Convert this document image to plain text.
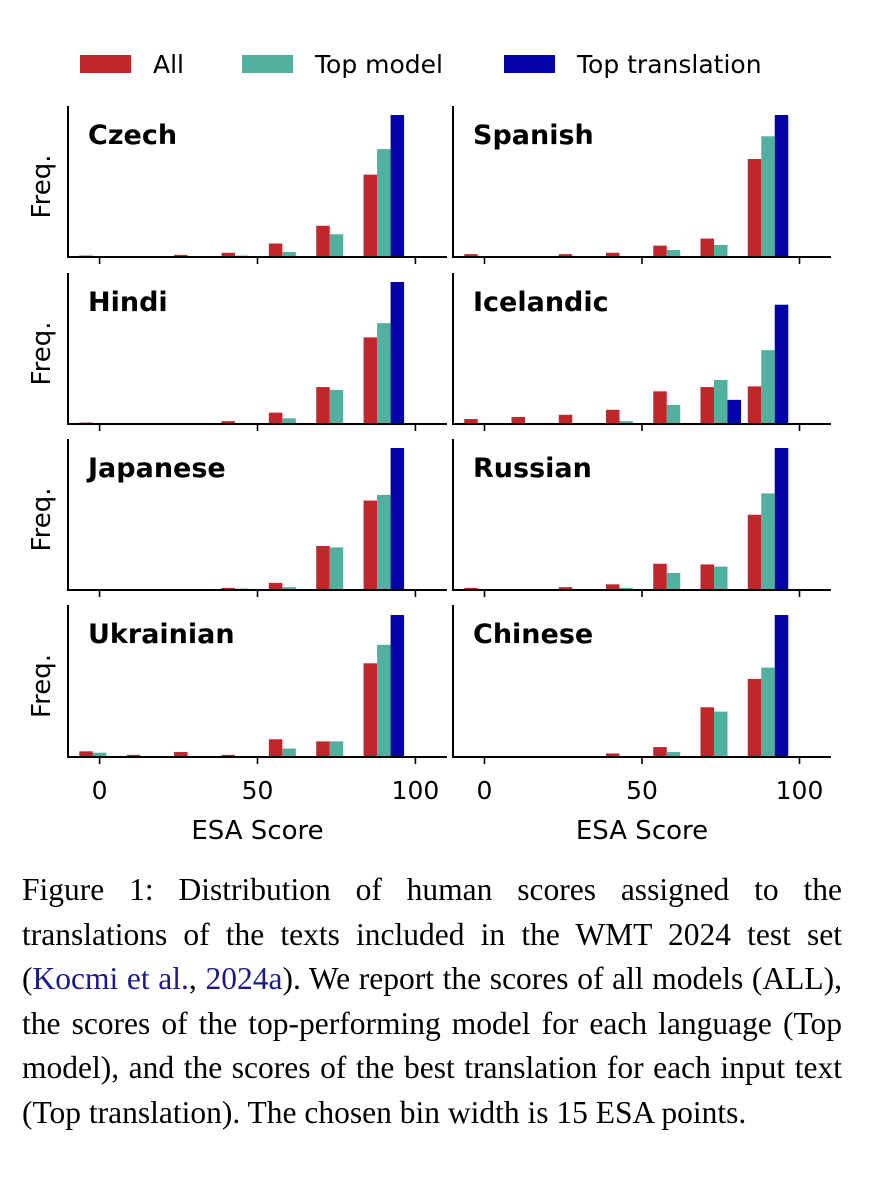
All	Top model	Top translation
Czech
Freq.
Spanish
Hindi
Freq.
Icelandic
Japanese
Freq.
Russian
Ukrainian
Freq.
Chinese
0	50	100
ESA Score
0	50	100
ESA Score

Figure 1: Distribution of human scores assigned to the translations of the texts included in the WMT 2024 test set (Kocmi et al., 2024a). We report the scores of all models (ALL), the scores of the top-performing model for each language (Top model), and the scores of the best translation for each input text (Top translation). The chosen bin width is 15 ESA points.
